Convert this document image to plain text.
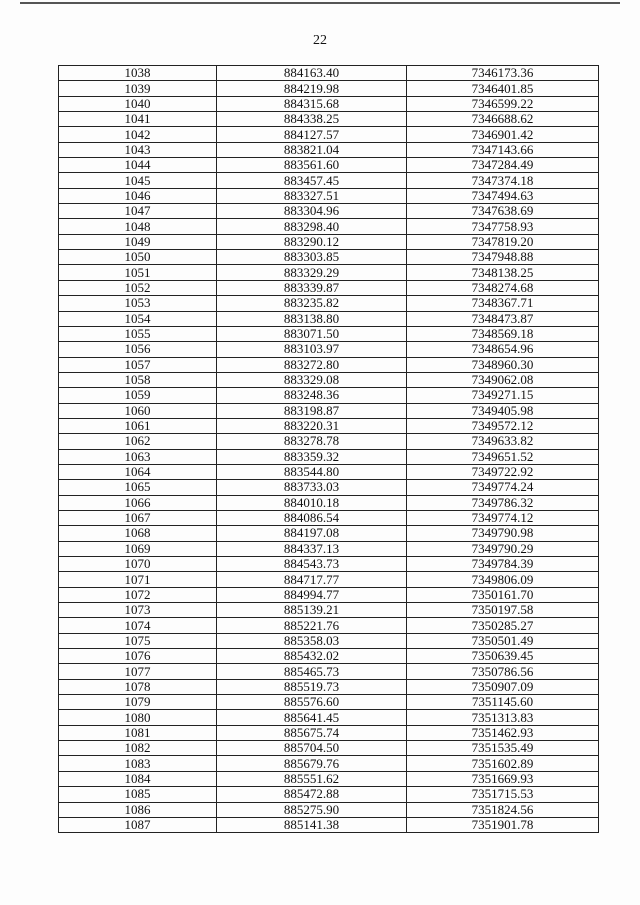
22
1038	884163.40	7346173.36
1039	884219.98	7346401.85
1040	884315.68	7346599.22
1041	884338.25	7346688.62
1042	884127.57	7346901.42
1043	883821.04	7347143.66
1044	883561.60	7347284.49
1045	883457.45	7347374.18
1046	883327.51	7347494.63
1047	883304.96	7347638.69
1048	883298.40	7347758.93
1049	883290.12	7347819.20
1050	883303.85	7347948.88
1051	883329.29	7348138.25
1052	883339.87	7348274.68
1053	883235.82	7348367.71
1054	883138.80	7348473.87
1055	883071.50	7348569.18
1056	883103.97	7348654.96
1057	883272.80	7348960.30
1058	883329.08	7349062.08
1059	883248.36	7349271.15
1060	883198.87	7349405.98
1061	883220.31	7349572.12
1062	883278.78	7349633.82
1063	883359.32	7349651.52
1064	883544.80	7349722.92
1065	883733.03	7349774.24
1066	884010.18	7349786.32
1067	884086.54	7349774.12
1068	884197.08	7349790.98
1069	884337.13	7349790.29
1070	884543.73	7349784.39
1071	884717.77	7349806.09
1072	884994.77	7350161.70
1073	885139.21	7350197.58
1074	885221.76	7350285.27
1075	885358.03	7350501.49
1076	885432.02	7350639.45
1077	885465.73	7350786.56
1078	885519.73	7350907.09
1079	885576.60	7351145.60
1080	885641.45	7351313.83
1081	885675.74	7351462.93
1082	885704.50	7351535.49
1083	885679.76	7351602.89
1084	885551.62	7351669.93
1085	885472.88	7351715.53
1086	885275.90	7351824.56
1087	885141.38	7351901.78
